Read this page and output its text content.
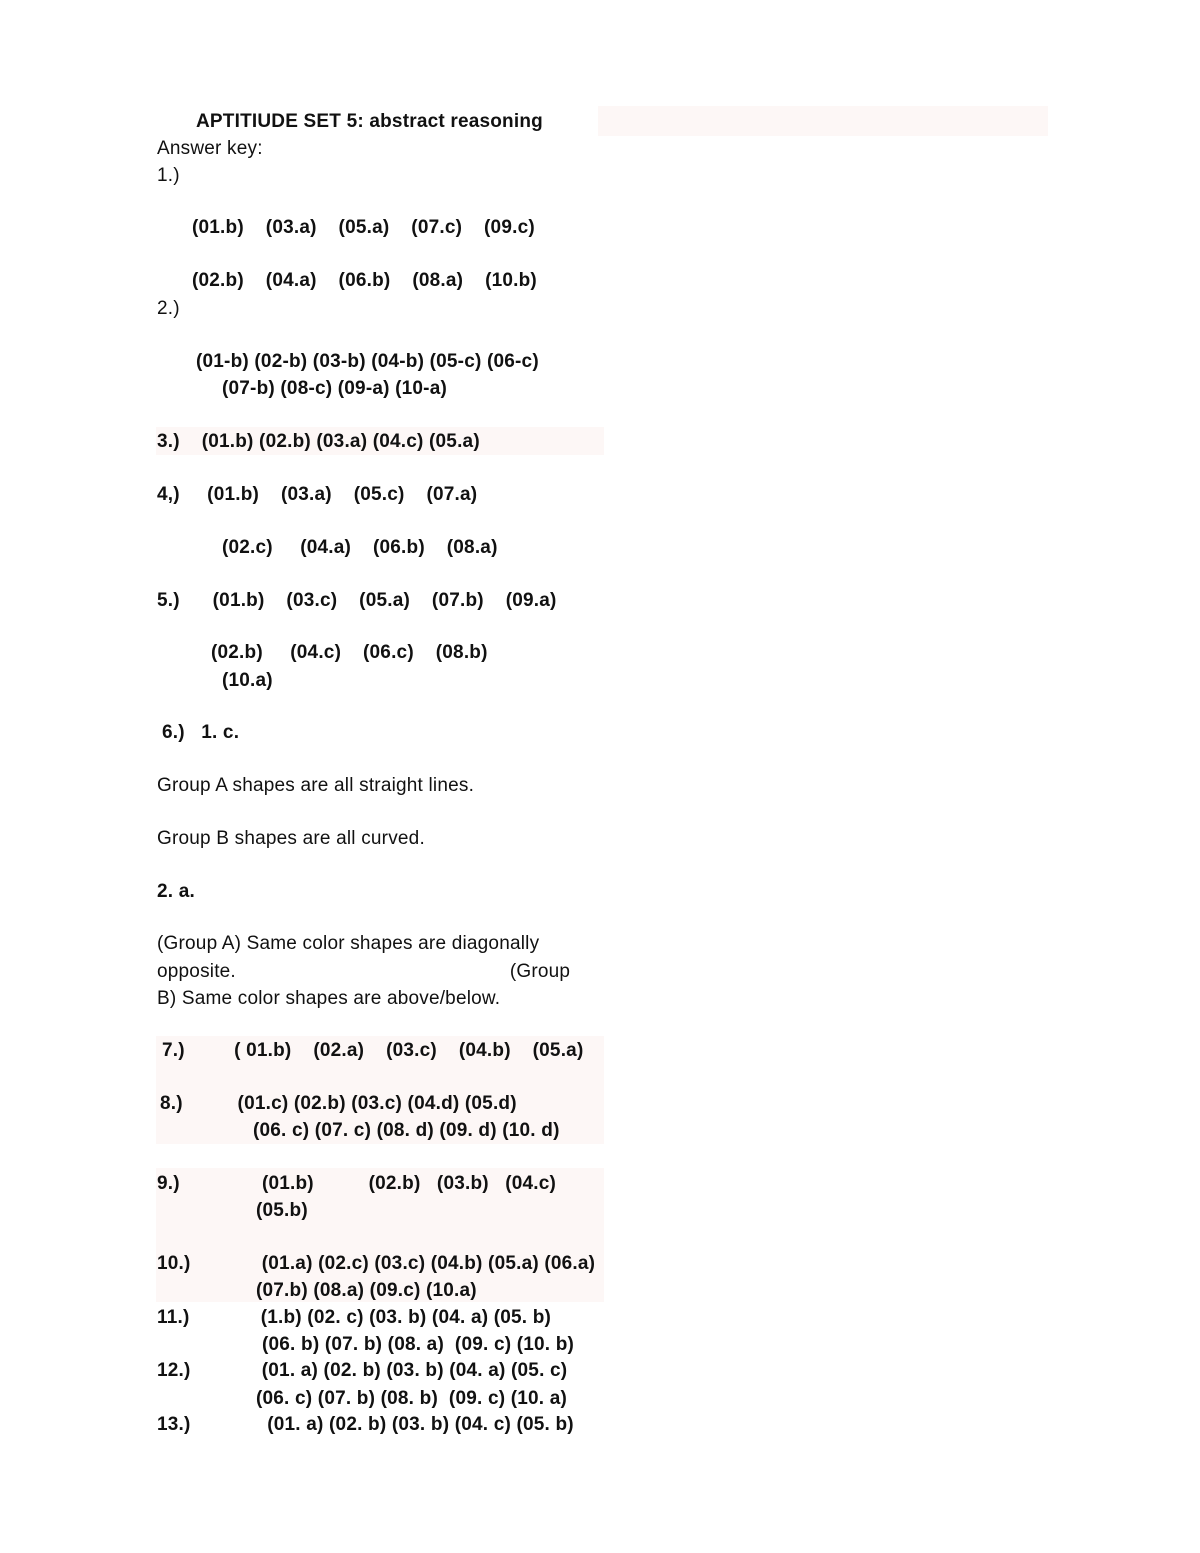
APTITIUDE SET 5: abstract reasoning
Answer key:
1.)
(01.b)    (03.a)    (05.a)    (07.c)    (09.c)
(02.b)    (04.a)    (06.b)    (08.a)    (10.b)
2.)
(01-b) (02-b) (03-b) (04-b) (05-c) (06-c)
(07-b) (08-c) (09-a) (10-a)
3.)    (01.b) (02.b) (03.a) (04.c) (05.a)
4,)     (01.b)    (03.a)    (05.c)    (07.a)
(02.c)     (04.a)    (06.b)    (08.a)
5.)      (01.b)    (03.c)    (05.a)    (07.b)    (09.a)
(02.b)     (04.c)    (06.c)    (08.b)
(10.a)
6.)   1. c.
Group A shapes are all straight lines.
Group B shapes are all curved.
2. a.
(Group A) Same color shapes are diagonally
opposite.                                                  (Group
B) Same color shapes are above/below.
7.)         ( 01.b)    (02.a)    (03.c)    (04.b)    (05.a)
8.)          (01.c) (02.b) (03.c) (04.d) (05.d)
(06. c) (07. c) (08. d) (09. d) (10. d)
9.)               (01.b)          (02.b)   (03.b)   (04.c)
(05.b)
10.)             (01.a) (02.c) (03.c) (04.b) (05.a) (06.a)
(07.b) (08.a) (09.c) (10.a)
11.)             (1.b) (02. c) (03. b) (04. a) (05. b)
(06. b) (07. b) (08. a)  (09. c) (10. b)
12.)             (01. a) (02. b) (03. b) (04. a) (05. c)
(06. c) (07. b) (08. b)  (09. c) (10. a)
13.)              (01. a) (02. b) (03. b) (04. c) (05. b)
